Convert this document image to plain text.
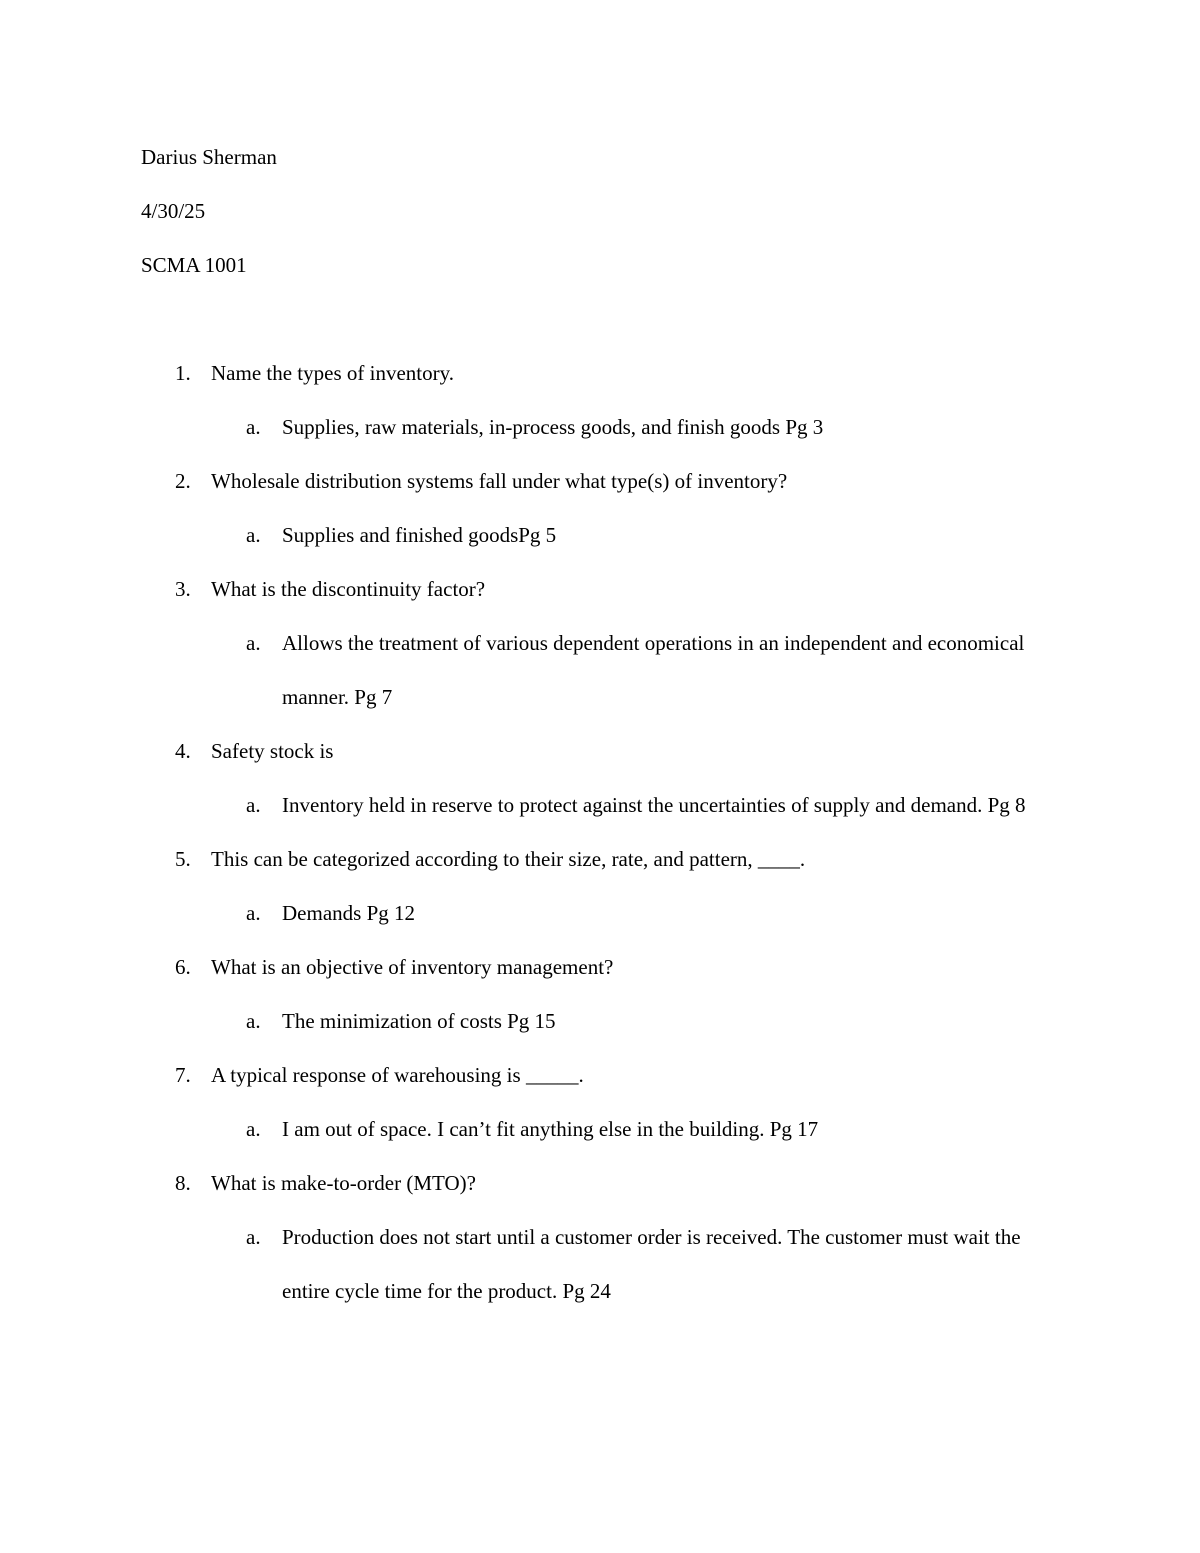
Darius Sherman
4/30/25
SCMA 1001
1. Name the types of inventory.
a. Supplies, raw materials, in-process goods, and finish goods Pg 3
2. Wholesale distribution systems fall under what type(s) of inventory?
a. Supplies and finished goodsPg 5
3. What is the discontinuity factor?
a. Allows the treatment of various dependent operations in an independent and economical manner. Pg 7
4. Safety stock is
a. Inventory held in reserve to protect against the uncertainties of supply and demand. Pg 8
5. This can be categorized according to their size, rate, and pattern, ____.
a. Demands Pg 12
6. What is an objective of inventory management?
a. The minimization of costs Pg 15
7. A typical response of warehousing is _____.
a. I am out of space. I can’t fit anything else in the building. Pg 17
8. What is make-to-order (MTO)?
a. Production does not start until a customer order is received. The customer must wait the entire cycle time for the product. Pg 24
